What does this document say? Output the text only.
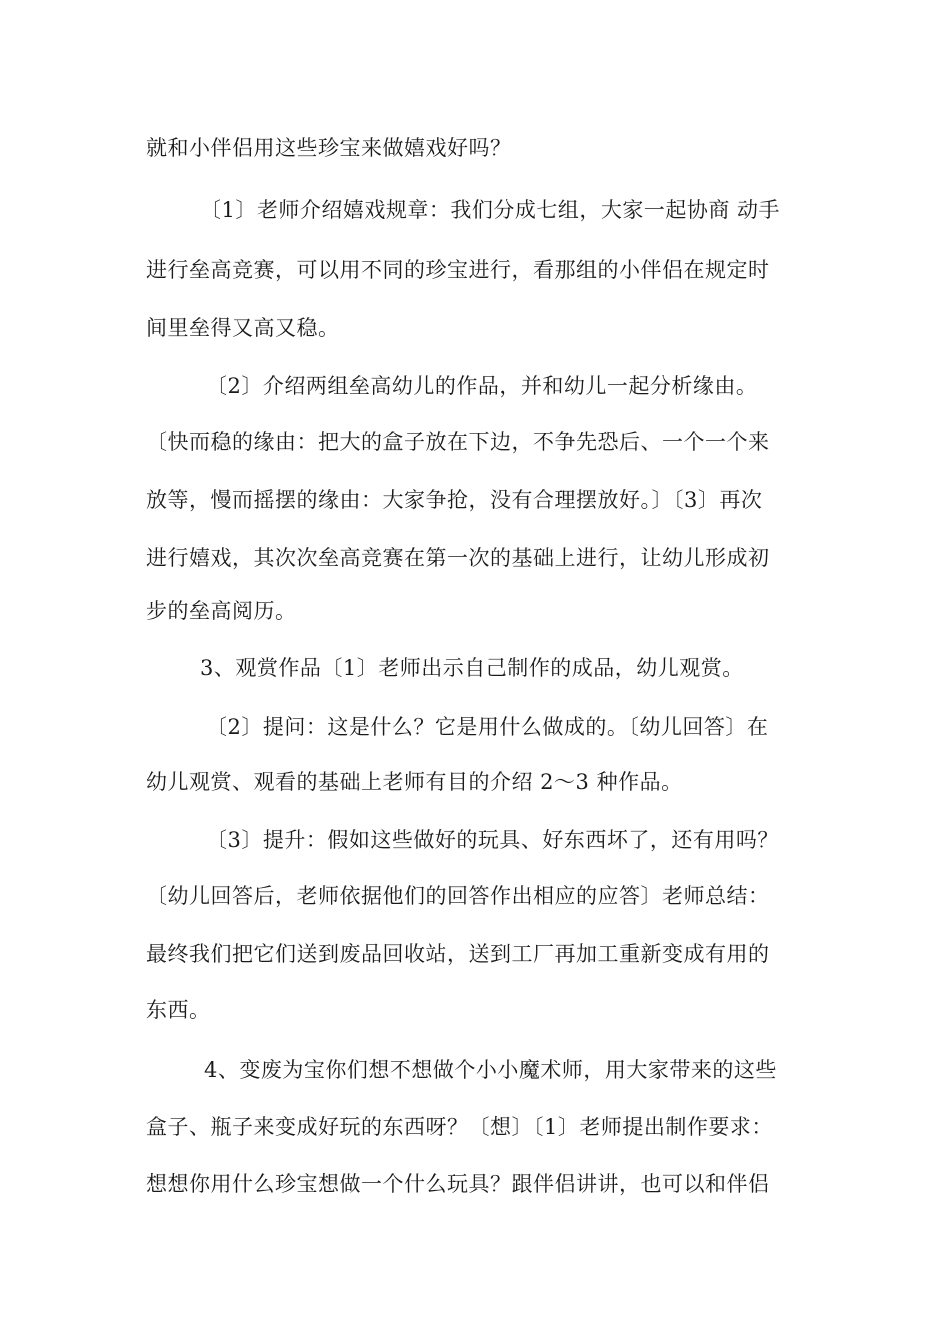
就和小伴侣用这些珍宝来做嬉戏好吗？
〔1〕老师介绍嬉戏规章：我们分成七组，大家一起协商 动手
进行垒高竞赛，可以用不同的珍宝进行，看那组的小伴侣在规定时
间里垒得又高又稳。
〔2〕介绍两组垒高幼儿的作品，并和幼儿一起分析缘由。
〔快而稳的缘由：把大的盒子放在下边，不争先恐后、一个一个来
放等，慢而摇摆的缘由：大家争抢，没有合理摆放好。〕〔3〕再次
进行嬉戏，其次次垒高竞赛在第一次的基础上进行，让幼儿形成初
步的垒高阅历。
3、观赏作品〔1〕老师出示自己制作的成品，幼儿观赏。
〔2〕提问：这是什么？它是用什么做成的。〔幼儿回答〕在
幼儿观赏、观看的基础上老师有目的介绍 2～3 种作品。
〔3〕提升：假如这些做好的玩具、好东西坏了，还有用吗？
〔幼儿回答后，老师依据他们的回答作出相应的应答〕老师总结：
最终我们把它们送到废品回收站，送到工厂再加工重新变成有用的
东西。
4、变废为宝你们想不想做个小小魔术师，用大家带来的这些
盒子、瓶子来变成好玩的东西呀？〔想〕〔1〕老师提出制作要求：
想想你用什么珍宝想做一个什么玩具？跟伴侣讲讲，也可以和伴侣
